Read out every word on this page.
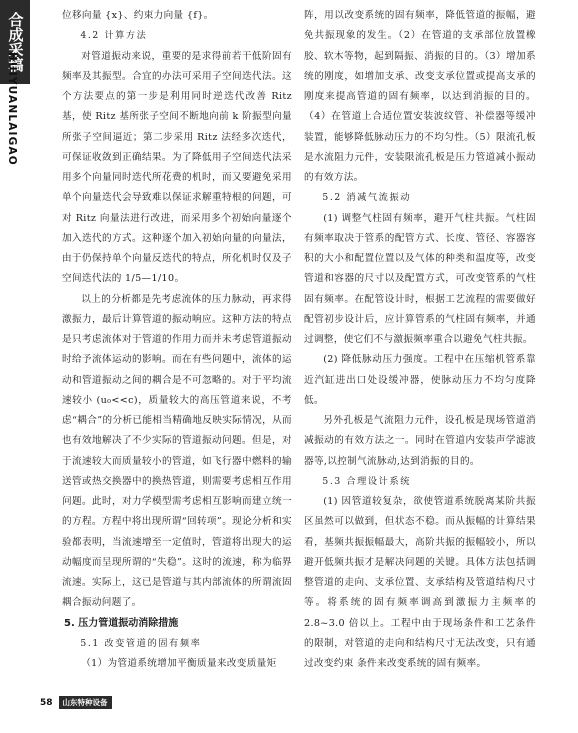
合成采稿
HUIYUANLAIGAO

位移向量 {x}、约束力向量 {f}。

4.2 计算方法

对管道振动来说，重要的是求得前若干低阶固有频率及其振型。合宜的办法可采用子空间迭代法。这个方法要点的第一步是利用同时逆迭代改善 Ritz 基，使 Ritz 基所张子空间不断地向前 k 阶振型向量所张子空间逼近；第二步采用 Ritz 法经多次迭代，可保证收敛到正确结果。为了降低用子空间迭代法采用多个向量同时迭代所花费的机时，而又要避免采用单个向量迭代会导致难以保证求解重特根的问题，可对 Ritz 向量法进行改进，而采用多个初始向量逐个加入迭代的方式。这种逐个加入初始向量的向量法，由于仍保持单个向量反迭代的特点，所化机时仅及子空间迭代法的 1/5—1/10。

以上的分析都是先考虑流体的压力脉动，再求得激振力，最后计算管道的振动响应。这种方法的特点是只考虑流体对于管道的作用力而并未考虑管道振动时给予流体运动的影响。而在有些问题中，流体的运动和管道振动之间的耦合是不可忽略的。对于平均流速较小 (u₀<<c)，质量较大的高压管道来说，不考虑“耦合”的分析已能相当精确地反映实际情况，从而也有效地解决了不少实际的管道振动问题。但是，对于流速较大而质量较小的管道，如飞行器中燃料的输送管或热交换器中的换热管道，则需要考虑相互作用问题。此时，对力学模型需考虑相互影响而建立统一的方程。方程中将出现所谓“回转项”。现论分析和实验都表明，当流速增至一定值时，管道将出现大的运动幅度而呈现所谓的“失稳”。这时的流速，称为临界流速。实际上，这已是管道与其内部流体的所谓流固耦合振动问题了。

5. 压力管道振动消除措施
5.1 改变管道的固有频率

（1）为管道系统增加平衡质量来改变质量矩

阵，用以改变系统的固有频率，降低管道的振幅，避免共振现象的发生。（2）在管道的支承部位放置橡胶、软木等物，起到隔振、消振的目的。（3）增加系统的刚度，如增加支承、改变支承位置或提高支承的刚度来提高管道的固有频率，以达到消振的目的。（4）在管道上合适位置安装波纹管、补偿器等缓冲装置，能够降低脉动压力的不均匀性。（5）限流孔板是水流阻力元件，安装限流孔板是压力管道减小振动的有效方法。

5.2 消减气流振动

(1) 调整气柱固有频率，避开气柱共振。气柱固有频率取决于管系的配管方式、长度、管径、容器容积的大小和配置位置以及气体的种类和温度等，改变管道和容器的尺寸以及配置方式，可改变管系的气柱固有频率。在配管设计时，根据工艺流程的需要做好配管初步设计后，应计算管系的气柱固有频率，并通过调整，使它们不与激振频率重合以避免气柱共振。

(2) 降低脉动压力强度。工程中在压缩机管系靠近汽缸进出口处设缓冲器，使脉动压力不均匀度降低。

另外孔板是气流阻力元件，设孔板是现场管道消减振动的有效方法之一。同时在管道内安装声学滤波器等,以控制气流脉动,达到消振的目的。

5.3 合理设计系统

(1) 因管道较复杂，欲使管道系统脱离某阶共振区虽然可以做到，但状态不稳。而从振幅的计算结果看，基频共振振幅最大，高阶共振的振幅较小，所以避开低频共振才是解决问题的关键。具体方法包括调整管道的走向、支承位置、支承结构及管道结构尺寸等。将系统的固有频率调高到激振力主频率的 2.8~3.0 倍以上。工程中由于现场条件和工艺条件的限制，对管道的走向和结构尺寸无法改变，只有通过改变约束 条件来改变系统的固有频率。

58	山东特种设备
